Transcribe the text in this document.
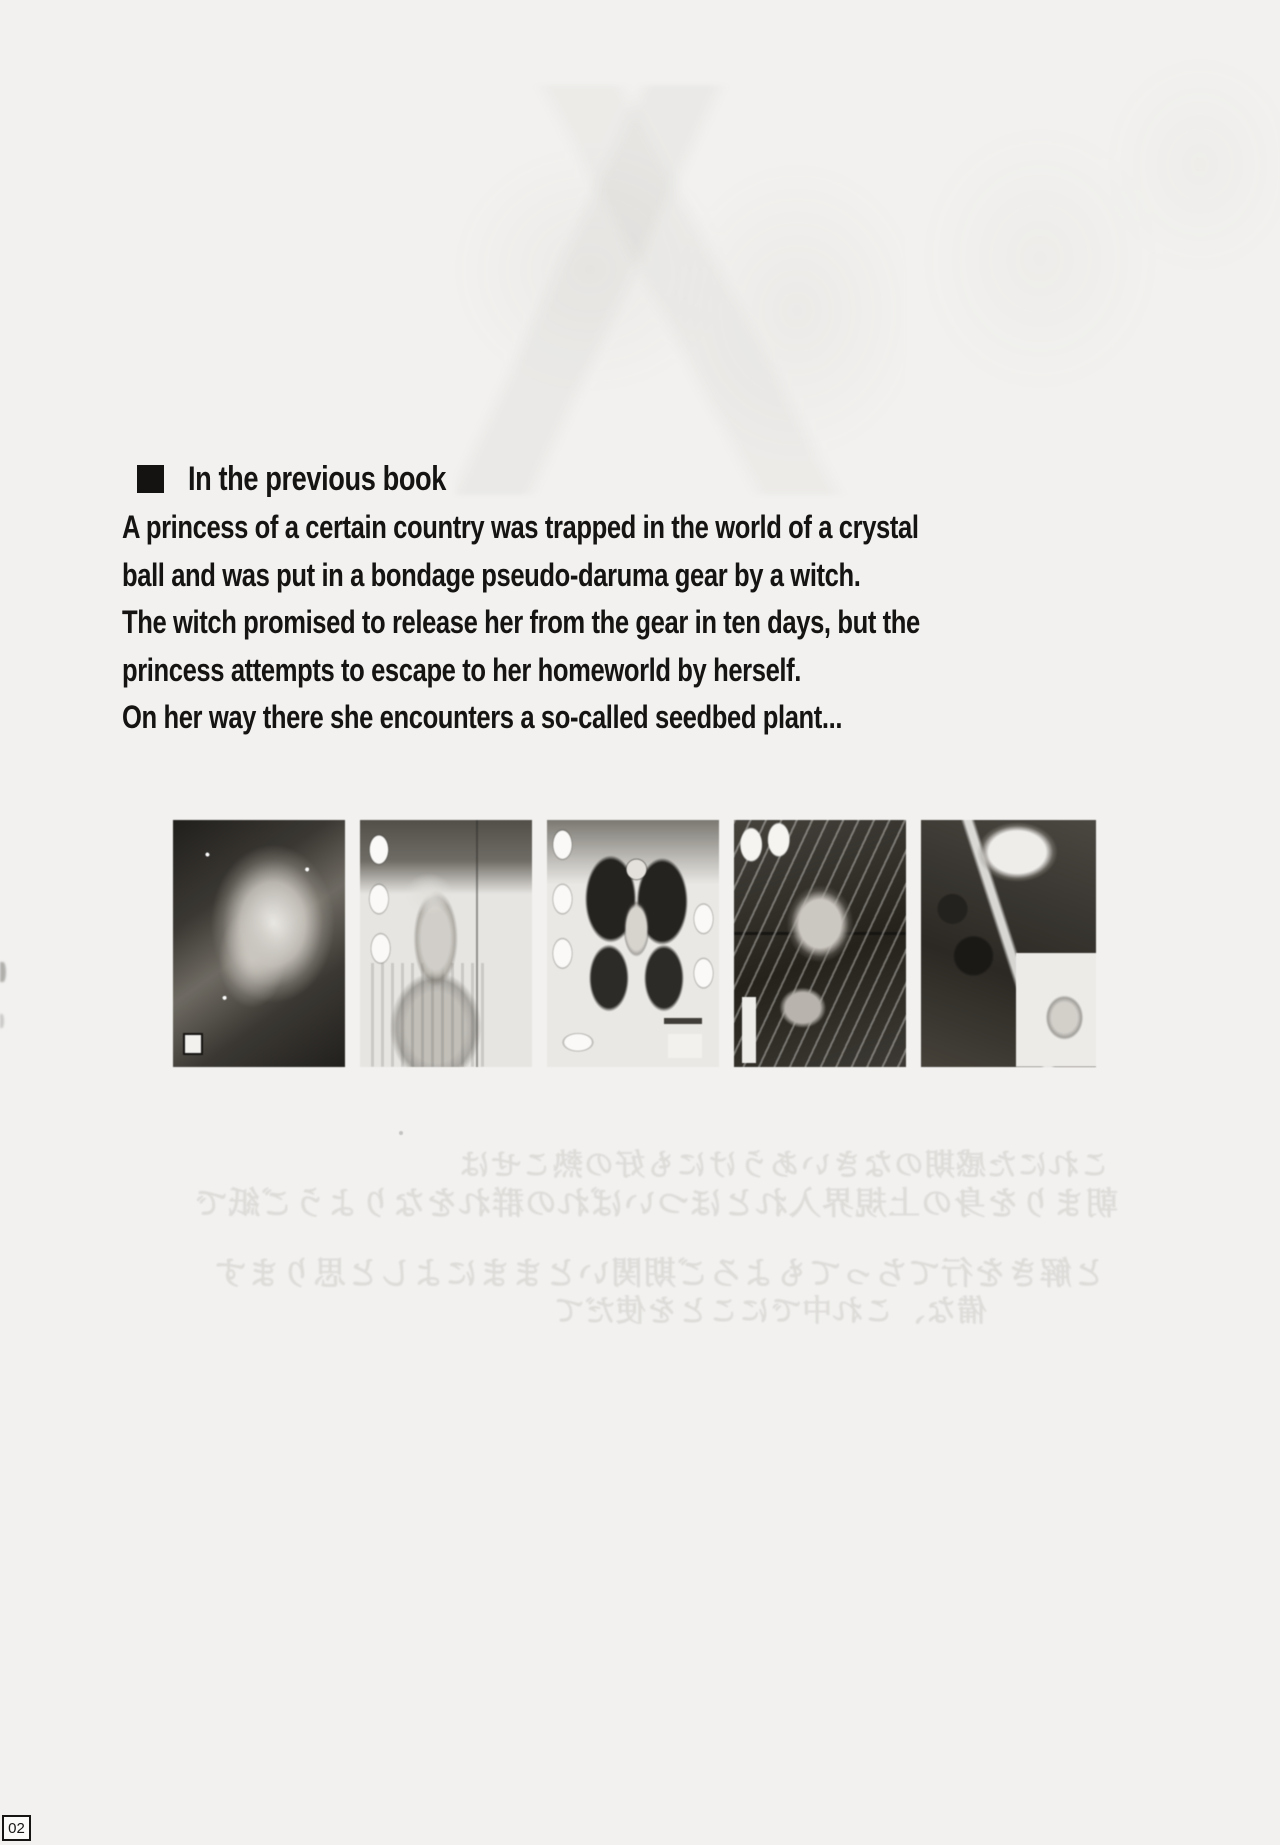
In the previous book
A princess of a certain country was trapped in the world of a crystal
ball and was put in a bondage pseudo-daruma gear by a witch.
The witch promised to release her from the gear in ten days, but the
princess attempts to escape to her homeworld by herself.
On her way there she encounters a so-called seedbed plant...
これにた感期のなきいあうけにも好の熱こせは
朝まりを身の上規界入れとほついばれの群れをなりようご紙で
と解きを行てちってもよろご期関いとままによしと思ります
備な、これ中でにことを使だて
02
